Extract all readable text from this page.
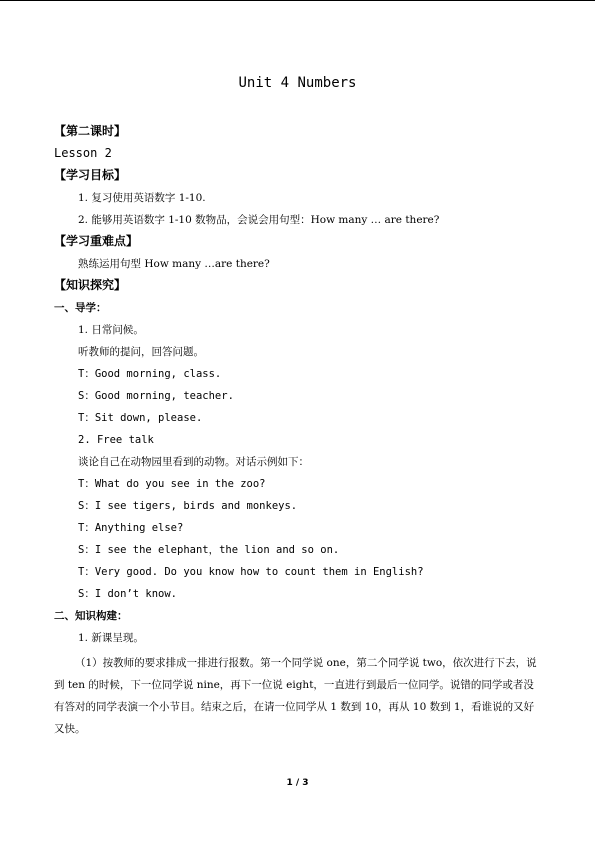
Unit 4 Numbers
【第二课时】
Lesson 2
【学习目标】
1. 复习使用英语数字 1-10.
2. 能够用英语数字 1-10 数物品，会说会用句型：How many … are there?
【学习重难点】
熟练运用句型 How many …are there?
【知识探究】
一、导学：
1. 日常问候。
听教师的提问，回答问题。
T：Good morning, class.
S：Good morning, teacher.
T：Sit down, please.
2. Free talk
谈论自己在动物园里看到的动物。对话示例如下：
T：What do you see in the zoo?
S：I see tigers, birds and monkeys.
T：Anything else?
S：I see the elephant，the lion and so on.
T：Very good. Do you know how to count them in English?
S：I don’t know.
二、知识构建：
1. 新课呈现。
（1）按教师的要求排成一排进行报数。第一个同学说 one，第二个同学说 two，依次进行下去，说到 ten 的时候，下一位同学说 nine，再下一位说 eight，一直进行到最后一位同学。说错的同学或者没有答对的同学表演一个小节目。结束之后，在请一位同学从 1 数到 10，再从 10 数到 1，看谁说的又好又快。
1 / 3
